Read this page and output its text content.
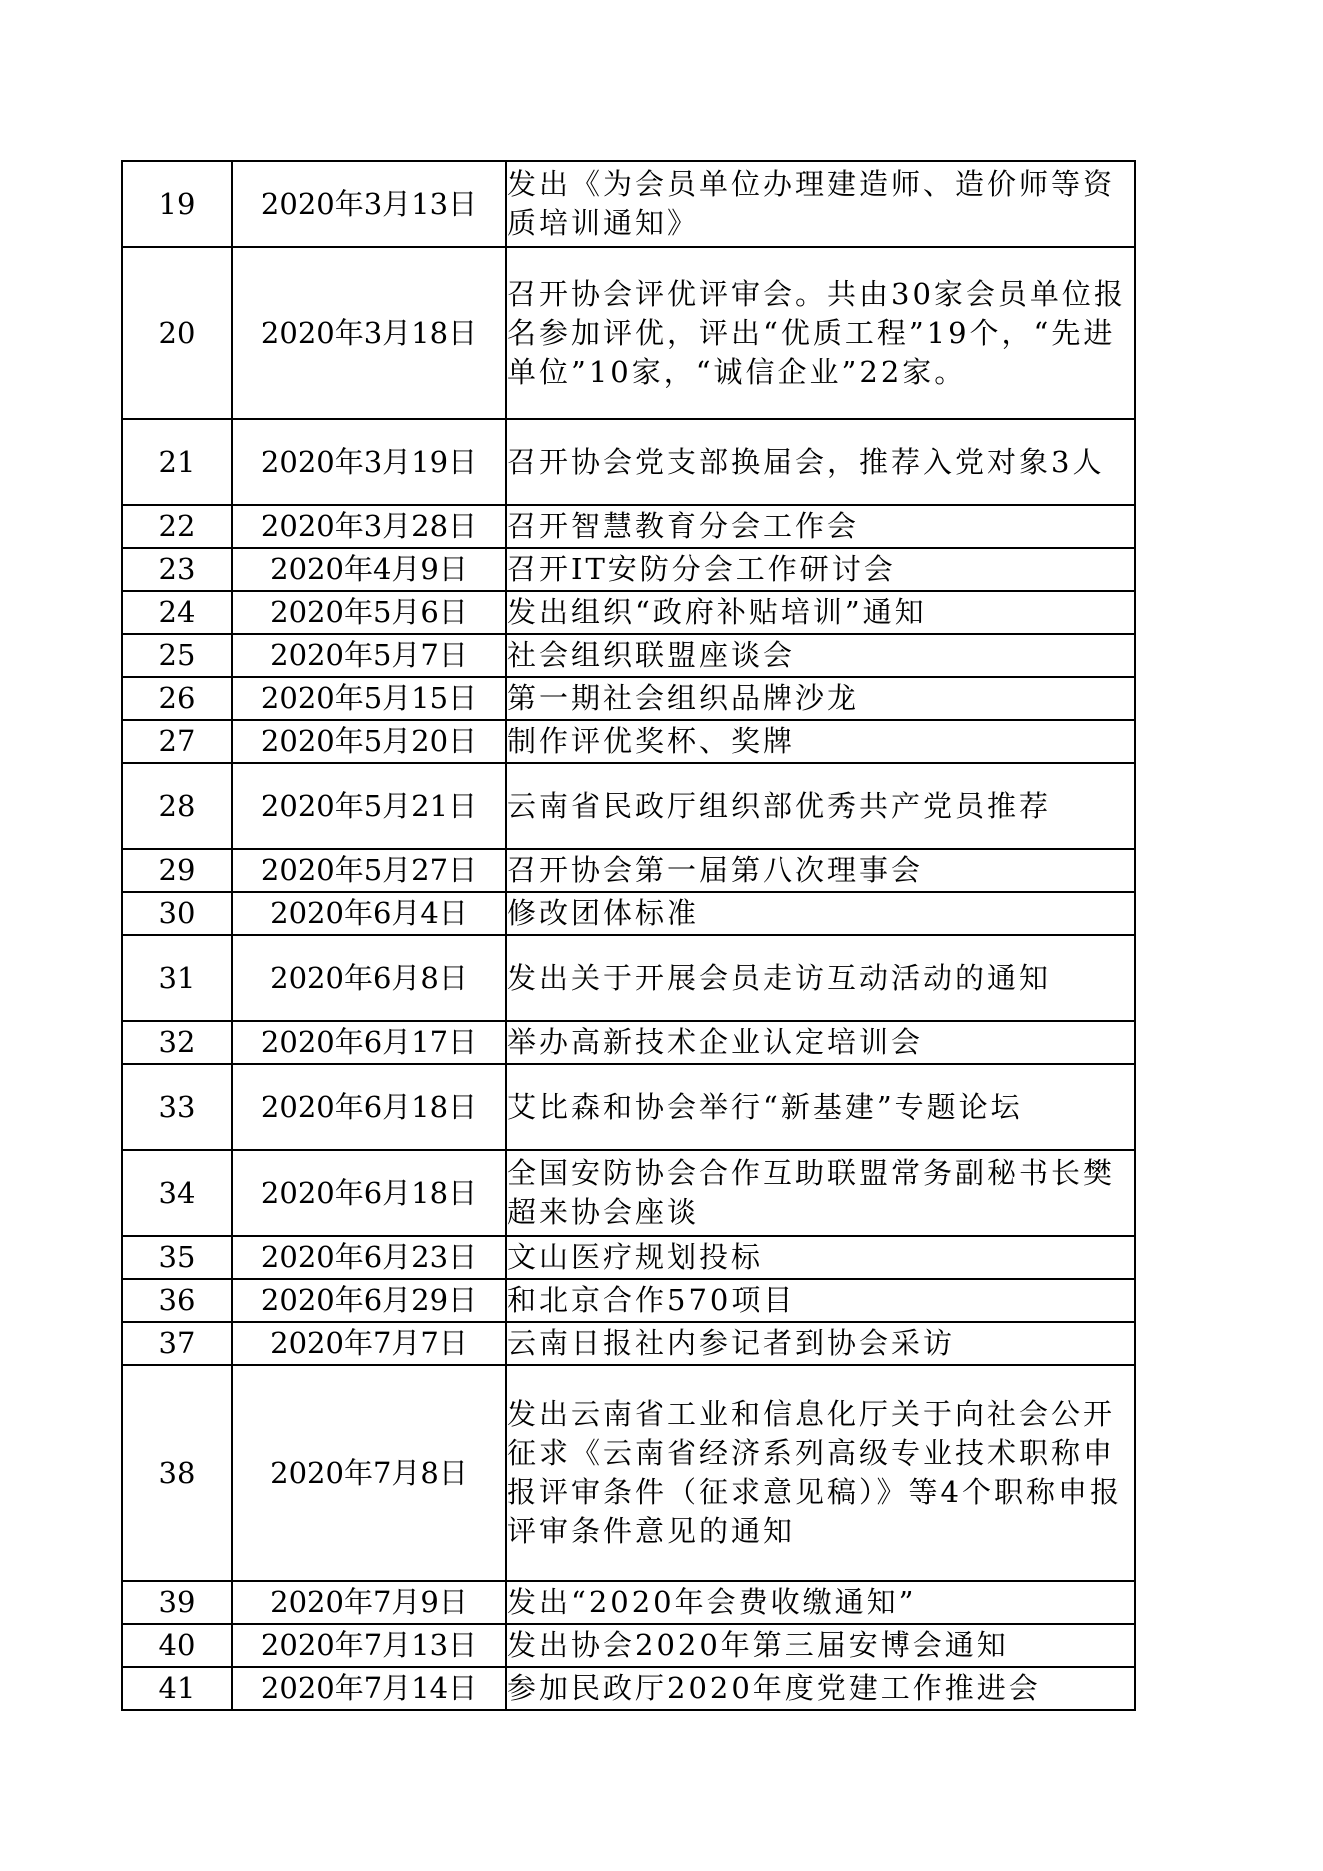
19	2020年3月13日	发出《为会员单位办理建造师、造价师等资质培训通知》
20	2020年3月18日	召开协会评优评审会。共由30家会员单位报名参加评优，评出“优质工程”19个，“先进单位”10家，“诚信企业”22家。
21	2020年3月19日	召开协会党支部换届会，推荐入党对象3人
22	2020年3月28日	召开智慧教育分会工作会
23	2020年4月9日	召开IT安防分会工作研讨会
24	2020年5月6日	发出组织“政府补贴培训”通知
25	2020年5月7日	社会组织联盟座谈会
26	2020年5月15日	第一期社会组织品牌沙龙
27	2020年5月20日	制作评优奖杯、奖牌
28	2020年5月21日	云南省民政厅组织部优秀共产党员推荐
29	2020年5月27日	召开协会第一届第八次理事会
30	2020年6月4日	修改团体标准
31	2020年6月8日	发出关于开展会员走访互动活动的通知
32	2020年6月17日	举办高新技术企业认定培训会
33	2020年6月18日	艾比森和协会举行“新基建”专题论坛
34	2020年6月18日	全国安防协会合作互助联盟常务副秘书长樊超来协会座谈
35	2020年6月23日	文山医疗规划投标
36	2020年6月29日	和北京合作570项目
37	2020年7月7日	云南日报社内参记者到协会采访
38	2020年7月8日	发出云南省工业和信息化厅关于向社会公开征求《云南省经济系列高级专业技术职称申报评审条件（征求意见稿）》等4个职称申报评审条件意见的通知
39	2020年7月9日	发出“2020年会费收缴通知”
40	2020年7月13日	发出协会2020年第三届安博会通知
41	2020年7月14日	参加民政厅2020年度党建工作推进会
